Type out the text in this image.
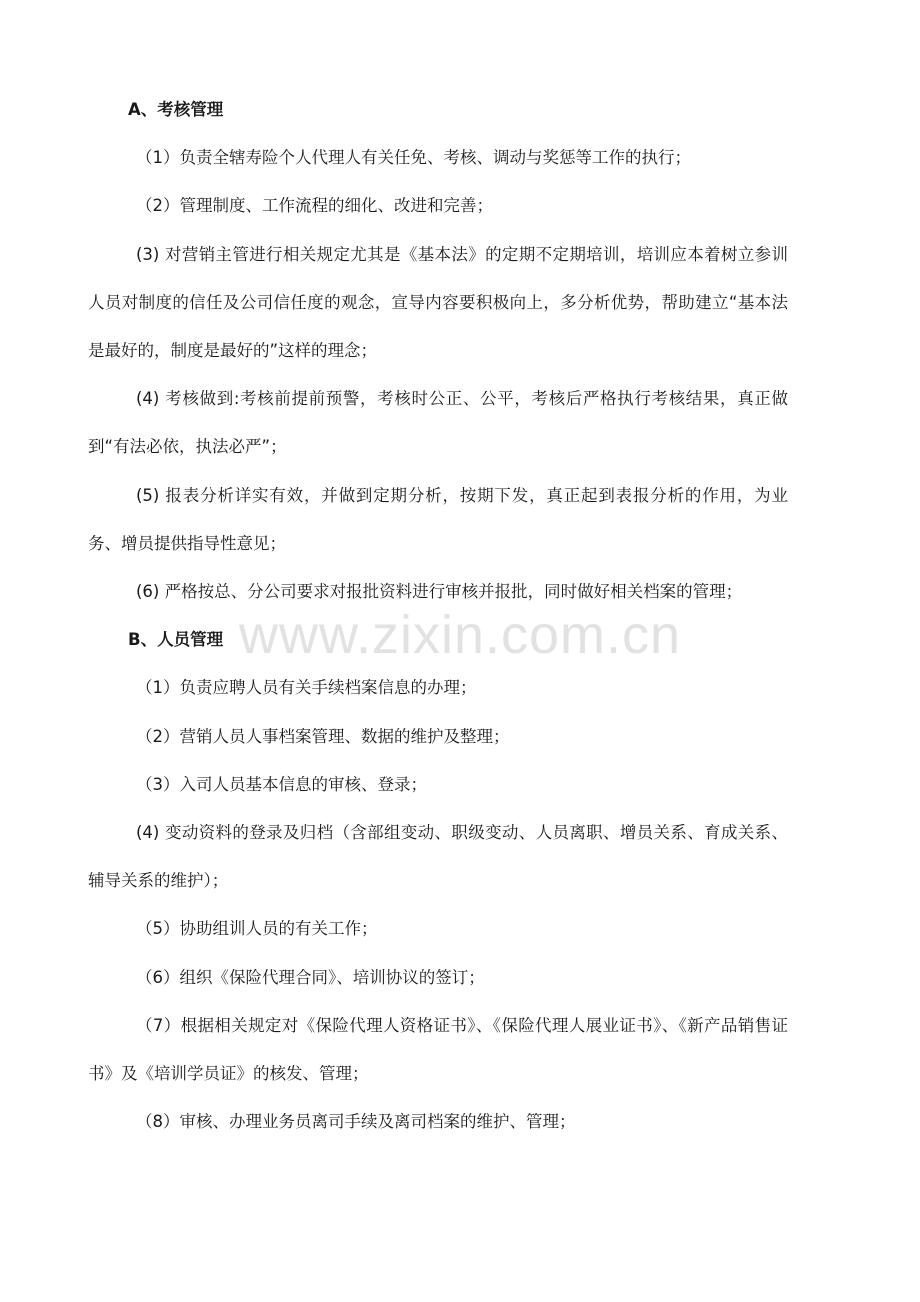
A、考核管理
（1）负责全辖寿险个人代理人有关任免、考核、调动与奖惩等工作的执行；
（2）管理制度、工作流程的细化、改进和完善；
(3) 对营销主管进行相关规定尤其是《基本法》的定期不定期培训，培训应本着树立参训人员对制度的信任及公司信任度的观念，宣导内容要积极向上，多分析优势，帮助建立“基本法是最好的，制度是最好的”这样的理念；
(4) 考核做到:考核前提前预警，考核时公正、公平，考核后严格执行考核结果，真正做到“有法必依，执法必严”；
(5) 报表分析详实有效，并做到定期分析，按期下发，真正起到表报分析的作用，为业务、增员提供指导性意见；
(6) 严格按总、分公司要求对报批资料进行审核并报批，同时做好相关档案的管理；
B、人员管理
（1）负责应聘人员有关手续档案信息的办理；
（2）营销人员人事档案管理、数据的维护及整理；
（3）入司人员基本信息的审核、登录；
(4) 变动资料的登录及归档（含部组变动、职级变动、人员离职、增员关系、育成关系、辅导关系的维护）；
（5）协助组训人员的有关工作；
（6）组织《保险代理合同》、培训协议的签订；
（7）根据相关规定对《保险代理人资格证书》、《保险代理人展业证书》、《新产品销售证书》及《培训学员证》的核发、管理；
（8）审核、办理业务员离司手续及离司档案的维护、管理；
www.zixin.com.cn
